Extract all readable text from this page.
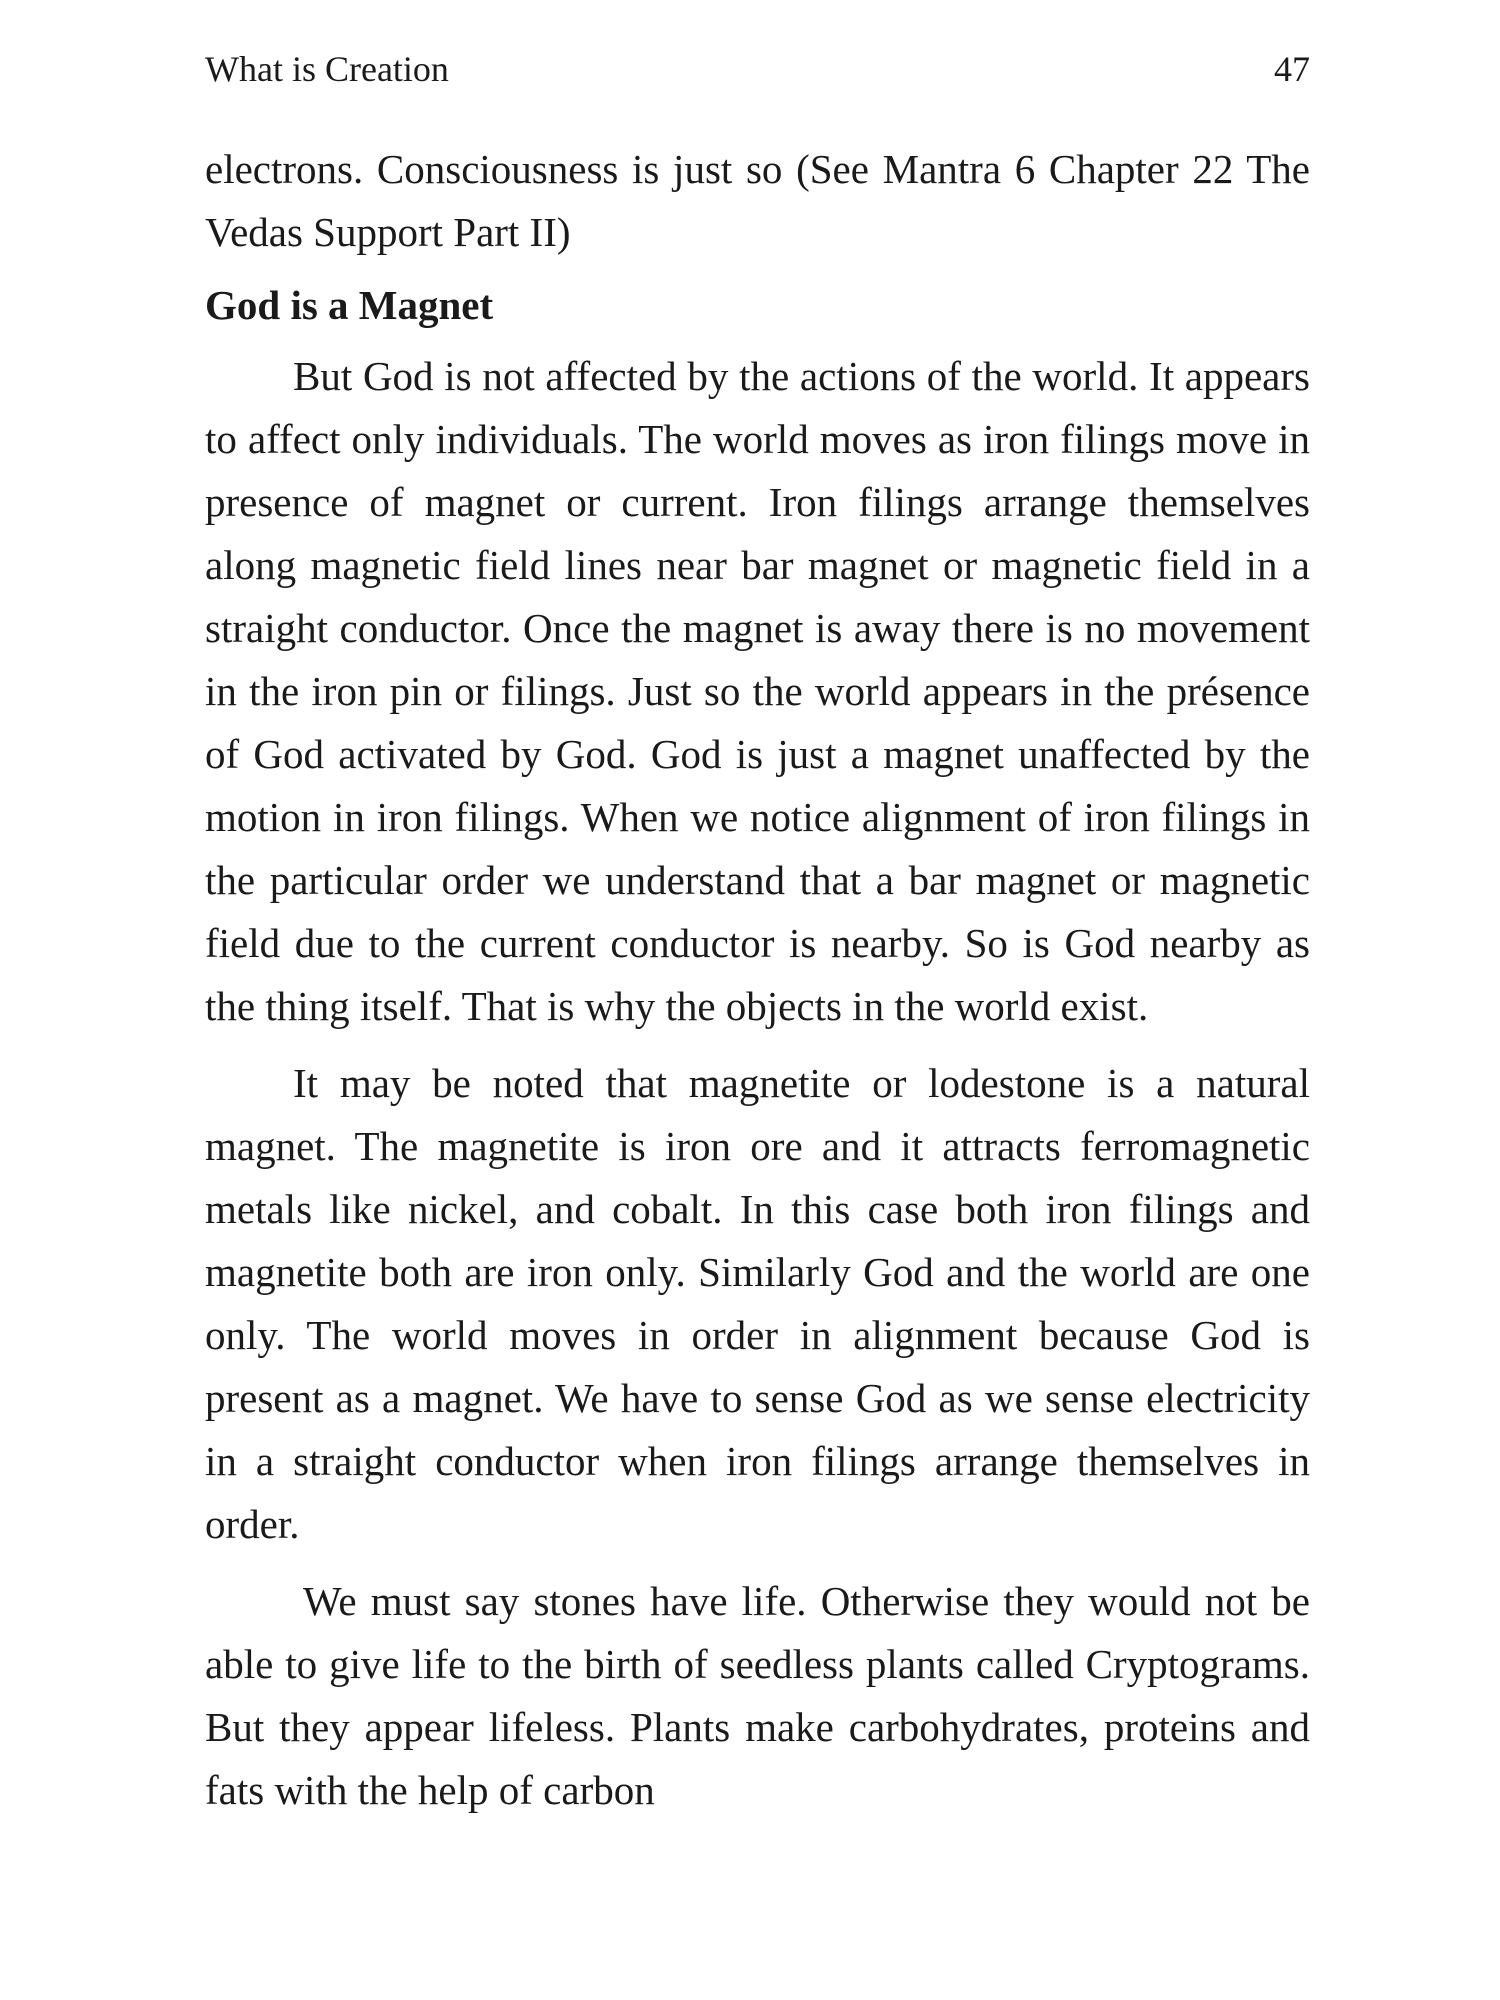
What is Creation	47

electrons. Consciousness is just so (See Mantra 6 Chapter 22 The Vedas Support Part II)

God is a Magnet

But God is not affected by the actions of the world. It appears to affect only individuals. The world moves as iron filings move in presence of magnet or current. Iron filings arrange themselves along magnetic field lines near bar magnet or magnetic field in a straight conductor. Once the magnet is away there is no movement in the iron pin or filings. Just so the world appears in the présence of God activated by God. God is just a magnet unaffected by the motion in iron filings. When we notice alignment of iron filings in the particular order we understand that a bar magnet or magnetic field due to the current conductor is nearby. So is God nearby as the thing itself. That is why the objects in the world exist.

It may be noted that magnetite or lodestone is a natural magnet. The magnetite is iron ore and it attracts ferromagnetic metals like nickel, and cobalt. In this case both iron filings and magnetite both are iron only. Similarly God and the world are one only. The world moves in order in alignment because God is present as a magnet. We have to sense God as we sense electricity in a straight conductor when iron filings arrange themselves in order.

We must say stones have life. Otherwise they would not be able to give life to the birth of seedless plants called Cryptograms. But they appear lifeless. Plants make carbohydrates, proteins and fats with the help of carbon
